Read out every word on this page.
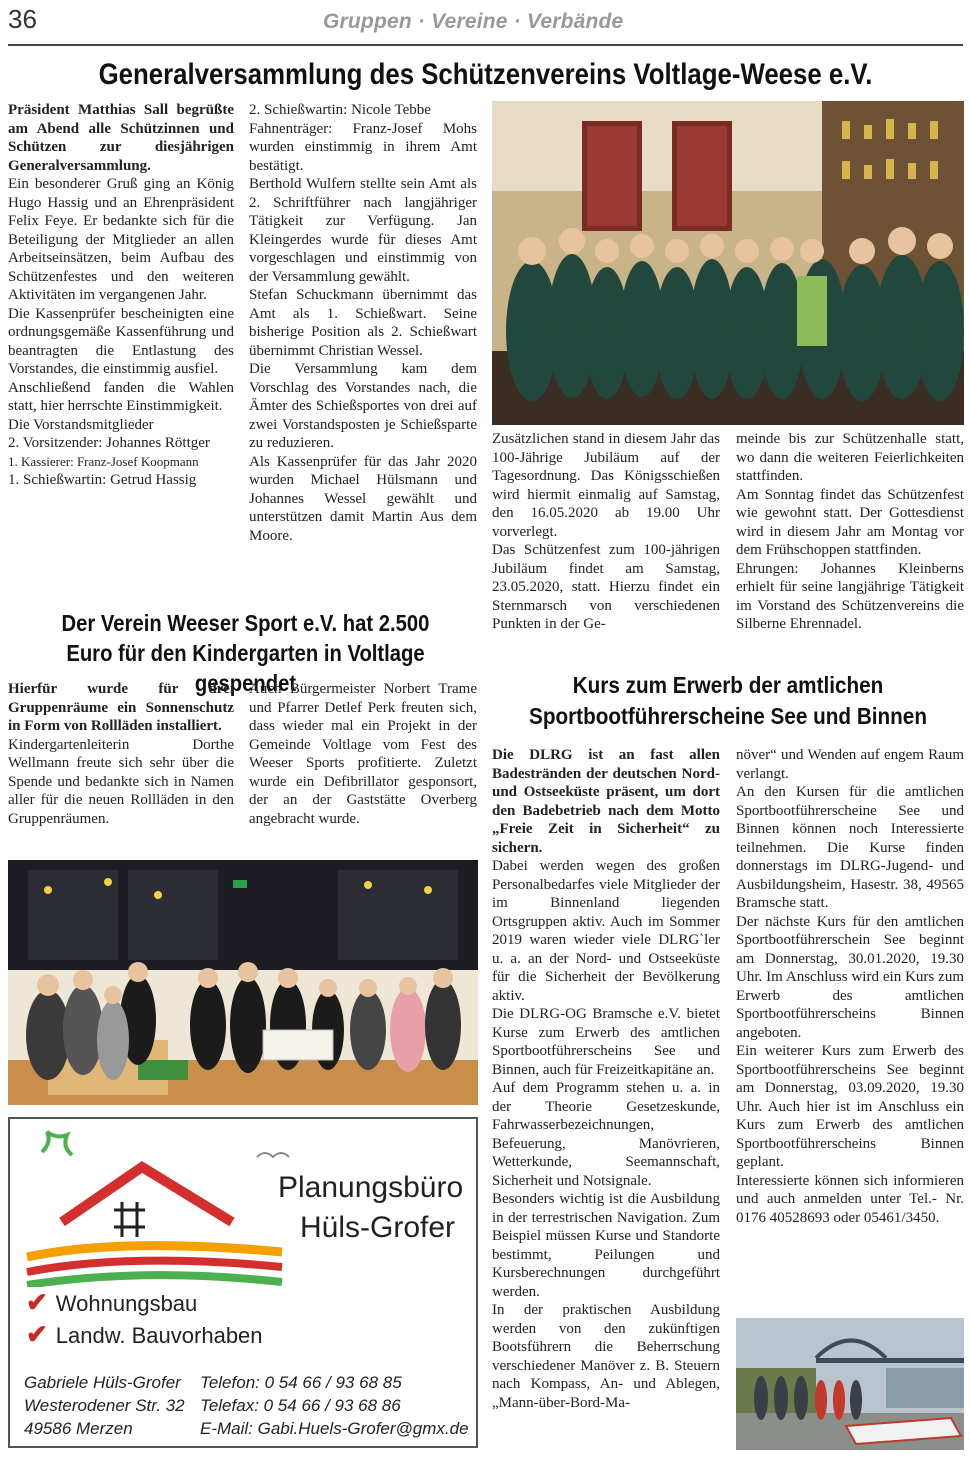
36	Gruppen · Vereine · Verbände
Generalversammlung des Schützenvereins Voltlage-Weese e.V.

Präsident Matthias Sall begrüßte am Abend alle Schützinnen und Schützen zur diesjährigen Generalversammlung.

Ein besonderer Gruß ging an König Hugo Hassig und an Ehrenpräsident Felix Feye. Er bedankte sich für die Beteiligung der Mitglieder an allen Arbeitseinsätzen, beim Aufbau des Schützenfestes und den weiteren Aktivitäten im vergangenen Jahr.

Die Kassenprüfer bescheinigten eine ordnungsgemäße Kassenführung und beantragten die Entlastung des Vorstandes, die einstimmig ausfiel.

Anschließend fanden die Wahlen statt, hier herrschte Einstimmigkeit.

Die Vorstandsmitglieder

2. Vorsitzender: Johannes Röttger

1. Kassierer: Franz-Josef Koopmann

1. Schießwartin: Getrud Hassig

2. Schießwartin: Nicole Tebbe

Fahnenträger: Franz-Josef Mohs wurden einstimmig in ihrem Amt bestätigt.

Berthold Wulfern stellte sein Amt als 2. Schriftführer nach langjähriger Tätigkeit zur Verfügung. Jan Kleingerdes wurde für dieses Amt vorgeschlagen und einstimmig von der Versammlung gewählt.

Stefan Schuckmann übernimmt das Amt als 1. Schießwart. Seine bisherige Position als 2. Schießwart übernimmt Christian Wessel.

Die Versammlung kam dem Vorschlag des Vorstandes nach, die Ämter des Schießsportes von drei auf zwei Vorstandsposten je Schießsparte zu reduzieren.

Als Kassenprüfer für das Jahr 2020 wurden Michael Hülsmann und Johannes Wessel gewählt und unterstützen damit Martin Aus dem Moore.

Zusätzlichen stand in diesem Jahr das 100-Jährige Jubiläum auf der Tagesordnung. Das Königsschießen wird hiermit einmalig auf Samstag, den 16.05.2020 ab 19.00 Uhr vorverlegt.

Das Schützenfest zum 100-jährigen Jubiläum findet am Samstag, 23.05.2020, statt. Hierzu findet ein Sternmarsch von verschiedenen Punkten in der Ge-

meinde bis zur Schützenhalle statt, wo dann die weiteren Feierlichkeiten stattfinden.

Am Sonntag findet das Schützenfest wie gewohnt statt. Der Gottesdienst wird in diesem Jahr am Montag vor dem Frühschoppen stattfinden.

Ehrungen: Johannes Kleinberns erhielt für seine langjährige Tätigkeit im Vorstand des Schützenvereins die Silberne Ehrennadel.

Der Verein Weeser Sport e.V. hat 2.500 Euro für den Kindergarten in Voltlage gespendet

Hierfür wurde für drei Gruppenräume ein Sonnenschutz in Form von Rollläden installiert.

Kindergartenleiterin Dorthe Wellmann freute sich sehr über die Spende und bedankte sich in Namen aller für die neuen Rollläden in den Gruppenräumen.

Auch Bürgermeister Norbert Trame und Pfarrer Detlef Perk freuten sich, dass wieder mal ein Projekt in der Gemeinde Voltlage vom Fest des Weeser Sports profitierte. Zuletzt wurde ein Defibrillator gesponsort, der an der Gaststätte Overberg angebracht wurde.

Planungsbüro
Hüls-Grofer
✔ Wohnungsbau
✔ Landw. Bauvorhaben
Gabriele Hüls-Grofer
Westerodener Str. 32
49586 Merzen
Telefon: 0 54 66 / 93 68 85
Telefax: 0 54 66 / 93 68 86
E-Mail: Gabi.Huels-Grofer@gmx.de
Kurs zum Erwerb der amtlichen Sportbootführerscheine See und Binnen

Die DLRG ist an fast allen Badestränden der deutschen Nord- und Ostseeküste präsent, um dort den Badebetrieb nach dem Motto „Freie Zeit in Sicherheit“ zu sichern.

Dabei werden wegen des großen Personalbedarfes viele Mitglieder der im Binnenland liegenden Ortsgruppen aktiv. Auch im Sommer 2019 waren wieder viele DLRG`ler u. a. an der Nord- und Ostseeküste für die Sicherheit der Bevölkerung aktiv.

Die DLRG-OG Bramsche e.V. bietet Kurse zum Erwerb des amtlichen Sportbootführerscheins See und Binnen, auch für Freizeitkapitäne an.

Auf dem Programm stehen u. a. in der Theorie Gesetzeskunde, Fahrwasserbezeichnungen, Befeuerung, Manövrieren, Wetterkunde, Seemannschaft, Sicherheit und Notsignale.

Besonders wichtig ist die Ausbildung in der terrestrischen Navigation. Zum Beispiel müssen Kurse und Standorte bestimmt, Peilungen und Kursberechnungen durchgeführt werden.

In der praktischen Ausbildung werden von den zukünftigen Bootsführern die Beherrschung verschiedener Manöver z. B. Steuern nach Kompass, An- und Ablegen, „Mann-über-Bord-Ma-

növer“ und Wenden auf engem Raum verlangt.

An den Kursen für die amtlichen Sportbootführerscheine See und Binnen können noch Interessierte teilnehmen. Die Kurse finden donnerstags im DLRG-Jugend- und Ausbildungsheim, Hasestr. 38, 49565 Bramsche statt.

Der nächste Kurs für den amtlichen Sportbootführerschein See beginnt am Donnerstag, 30.01.2020, 19.30 Uhr. Im Anschluss wird ein Kurs zum Erwerb des amtlichen Sportbootführerscheins Binnen angeboten.

Ein weiterer Kurs zum Erwerb des Sportbootführerscheins See beginnt am Donnerstag, 03.09.2020, 19.30 Uhr. Auch hier ist im Anschluss ein Kurs zum Erwerb des amtlichen Sportbootführerscheins Binnen geplant.

Interessierte können sich informieren und auch anmelden unter Tel.- Nr. 0176 40528693 oder 05461/3450.
